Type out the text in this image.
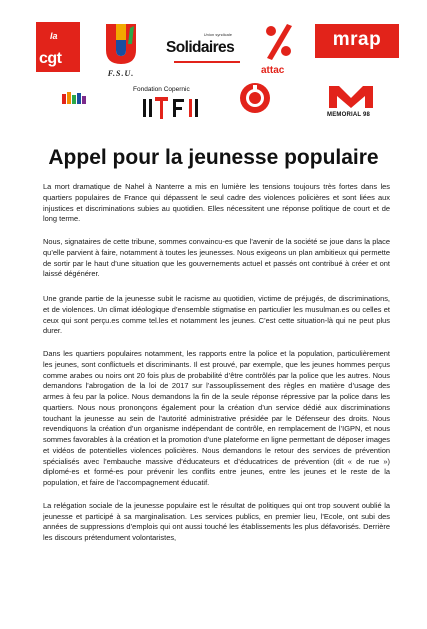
la
cgt
F.S.U.
Union syndicale
Solidaires
attac
mrap
Fondation Copernic
MEMORIAL 98
Appel pour la jeunesse populaire

La mort dramatique de Nahel à Nanterre a mis en lumière les tensions toujours très fortes dans les quartiers populaires de France qui dépassent le seul cadre des violences policières et sont liées aux injustices et discriminations subies au quotidien. Elles nécessitent une réponse politique de court et de long terme.

Nous, signataires de cette tribune, sommes convaincu-es que l’avenir de la société se joue dans la place qu’elle parvient à faire, notamment à toutes les jeunesses. Nous exigeons un plan ambitieux qui permette de sortir par le haut d’une situation que les gouvernements actuel et passés ont contribué à créer et ont laissé dégénérer.

Une grande partie de la jeunesse subit le racisme au quotidien, victime de préjugés, de discriminations, et de violences. Un climat idéologique d’ensemble stigmatise en particulier les musulman.es ou celles et ceux qui sont perçu.es comme tel.les et notamment les jeunes. C’est cette situation-là qui ne peut plus durer.

Dans les quartiers populaires notamment, les rapports entre la police et la population, particulièrement les jeunes, sont conflictuels et discriminants. Il est prouvé, par exemple, que les jeunes hommes perçus comme arabes ou noirs ont 20 fois plus de probabilité d’être contrôlés par la police que les autres. Nous demandons l’abrogation de la loi de 2017 sur l’assouplissement des règles en matière d’usage des armes à feu par la police. Nous demandons la fin de la seule réponse répressive par la police dans les quartiers. Nous nous prononçons également pour la création d’un service dédié aux discriminations touchant la jeunesse au sein de l’autorité administrative présidée par le Défenseur des droits. Nous revendiquons la création d’un organisme indépendant de contrôle, en remplacement de l’IGPN, et nous sommes favorables à la création et la promotion d’une plateforme en ligne permettant de déposer images et vidéos de potentielles violences policières. Nous demandons le retour des services de prévention spécialisés avec l’embauche massive d’éducateurs et d’éducatrices de prévention (dit « de rue ») diplomé-es et formé-es pour prévenir les conflits entre jeunes, entre les jeunes et le reste de la population, et faire de l’accompagnement éducatif.

La relégation sociale de la jeunesse populaire est le résultat de politiques qui ont trop souvent oublié la jeunesse et participé à sa marginalisation. Les services publics, en premier lieu, l’Ecole, ont subi des années de suppressions d’emplois qui ont aussi touché les établissements les plus défavorisés. Derrière les discours prétendument volontaristes,
